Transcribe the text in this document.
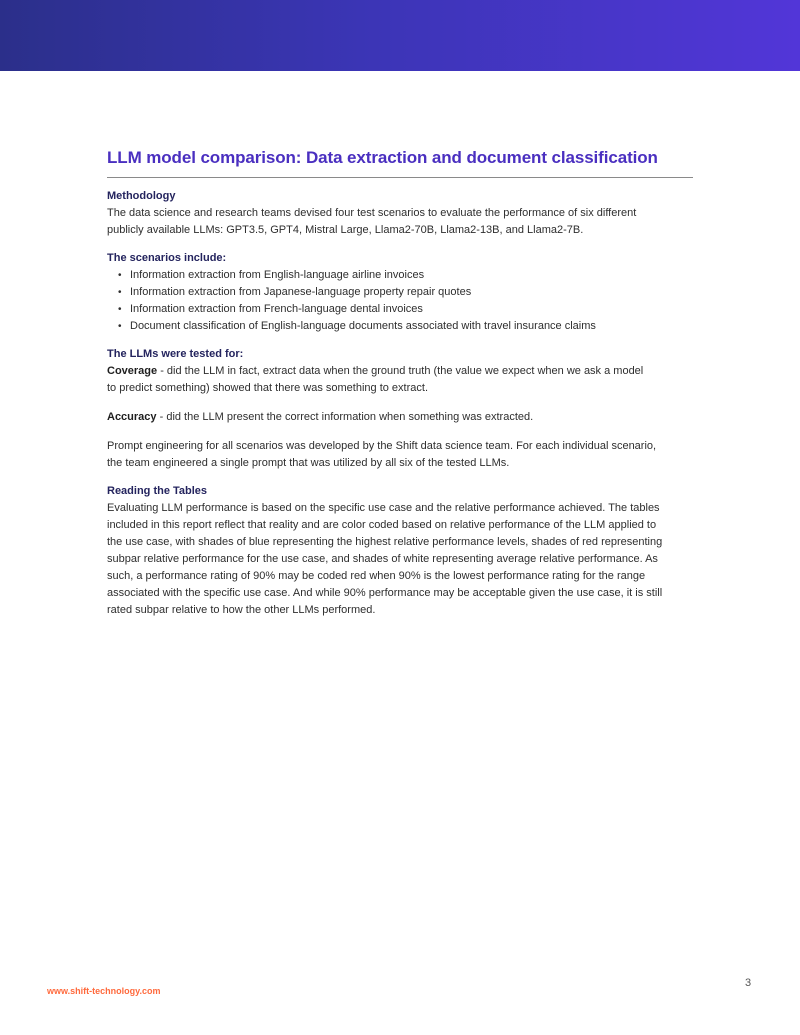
LLM model comparison: Data extraction and document classification

Methodology

The data science and research teams devised four test scenarios to evaluate the performance of six different

publicly available LLMs: GPT3.5, GPT4, Mistral Large, Llama2-70B, Llama2-13B, and Llama2-7B.

The scenarios include:

• Information extraction from English-language airline invoices
• Information extraction from Japanese-language property repair quotes
• Information extraction from French-language dental invoices
• Document classification of English-language documents associated with travel insurance claims

The LLMs were tested for:

Coverage - did the LLM in fact, extract data when the ground truth (the value we expect when we ask a model

to predict something) showed that there was something to extract.

Accuracy - did the LLM present the correct information when something was extracted.

Prompt engineering for all scenarios was developed by the Shift data science team. For each individual scenario,

the team engineered a single prompt that was utilized by all six of the tested LLMs.

Reading the Tables

Evaluating LLM performance is based on the specific use case and the relative performance achieved. The tables

included in this report reflect that reality and are color coded based on relative performance of the LLM applied to

the use case, with shades of blue representing the highest relative performance levels, shades of red representing

subpar relative performance for the use case, and shades of white representing average relative performance. As

such, a performance rating of 90% may be coded red when 90% is the lowest performance rating for the range

associated with the specific use case. And while 90% performance may be acceptable given the use case, it is still

rated subpar relative to how the other LLMs performed.

www.shift-technology.com
3
